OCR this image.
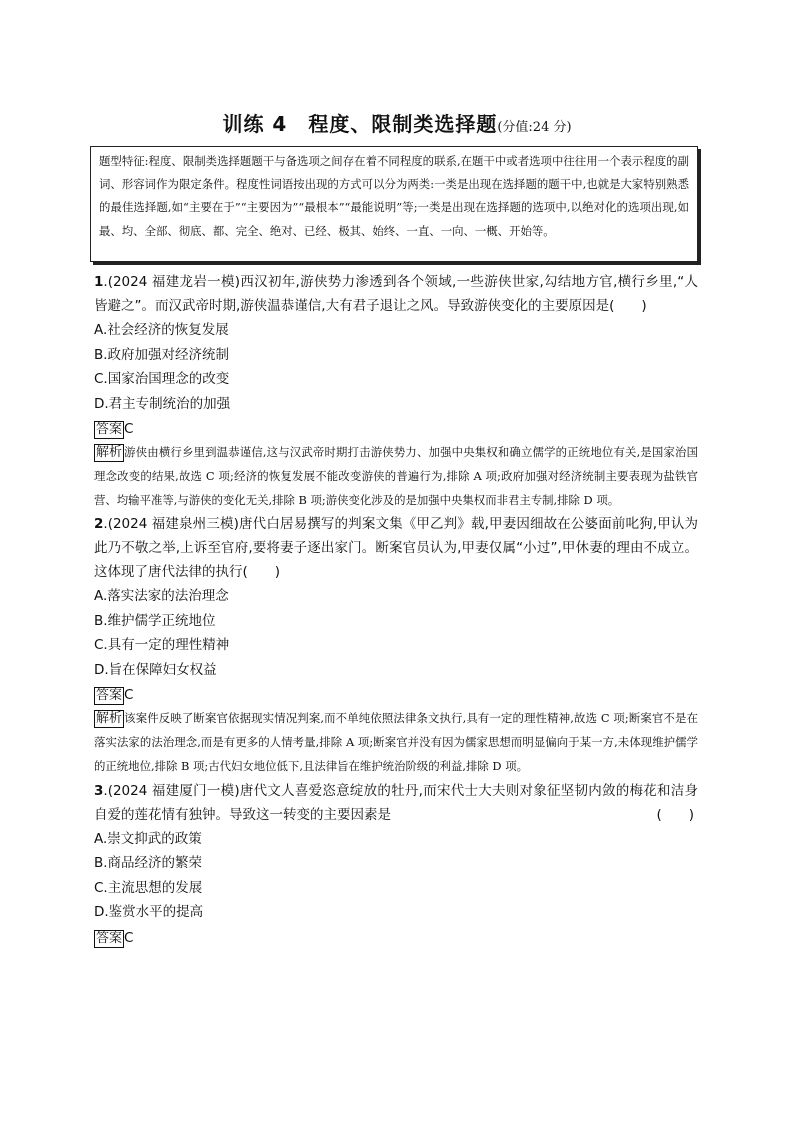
训练 4　程度、限制类选择题(分值:24 分)
题型特征:程度、限制类选择题题干与备选项之间存在着不同程度的联系,在题干中或者选项中往往用一个表示程度的副词、形容词作为限定条件。程度性词语按出现的方式可以分为两类:一类是出现在选择题的题干中,也就是大家特别熟悉的最佳选择题,如“主要在于”“主要因为”“最根本”“最能说明”等;一类是出现在选择题的选项中,以绝对化的选项出现,如最、均、全部、彻底、都、完全、绝对、已经、极其、始终、一直、一向、一概、开始等。
1.(2024 福建龙岩一模)西汉初年,游侠势力渗透到各个领域,一些游侠世家,勾结地方官,横行乡里,“人皆避之”。而汉武帝时期,游侠温恭谨信,大有君子退让之风。导致游侠变化的主要原因是(　　)
A.社会经济的恢复发展
B.政府加强对经济统制
C.国家治国理念的改变
D.君主专制统治的加强
答案 C
解析 游侠由横行乡里到温恭谨信,这与汉武帝时期打击游侠势力、加强中央集权和确立儒学的正统地位有关,是国家治国理念改变的结果,故选 C 项;经济的恢复发展不能改变游侠的普遍行为,排除 A 项;政府加强对经济统制主要表现为盐铁官营、均输平准等,与游侠的变化无关,排除 B 项;游侠变化涉及的是加强中央集权而非君主专制,排除 D 项。
2.(2024 福建泉州三模)唐代白居易撰写的判案文集《甲乙判》载,甲妻因细故在公婆面前叱狗,甲认为此乃不敬之举,上诉至官府,要将妻子逐出家门。断案官员认为,甲妻仅属“小过”,甲休妻的理由不成立。这体现了唐代法律的执行(　　)
A.落实法家的法治理念
B.维护儒学正统地位
C.具有一定的理性精神
D.旨在保障妇女权益
答案 C
解析 该案件反映了断案官依据现实情况判案,而不单纯依照法律条文执行,具有一定的理性精神,故选 C 项;断案官不是在落实法家的法治理念,而是有更多的人情考量,排除 A 项;断案官并没有因为儒家思想而明显偏向于某一方,未体现维护儒学的正统地位,排除 B 项;古代妇女地位低下,且法律旨在维护统治阶级的利益,排除 D 项。
3.(2024 福建厦门一模)唐代文人喜爱恣意绽放的牡丹,而宋代士大夫则对象征坚韧内敛的梅花和洁身自爱的莲花情有独钟。导致这一转变的主要因素是	(　　)
A.崇文抑武的政策
B.商品经济的繁荣
C.主流思想的发展
D.鉴赏水平的提高
答案 C
